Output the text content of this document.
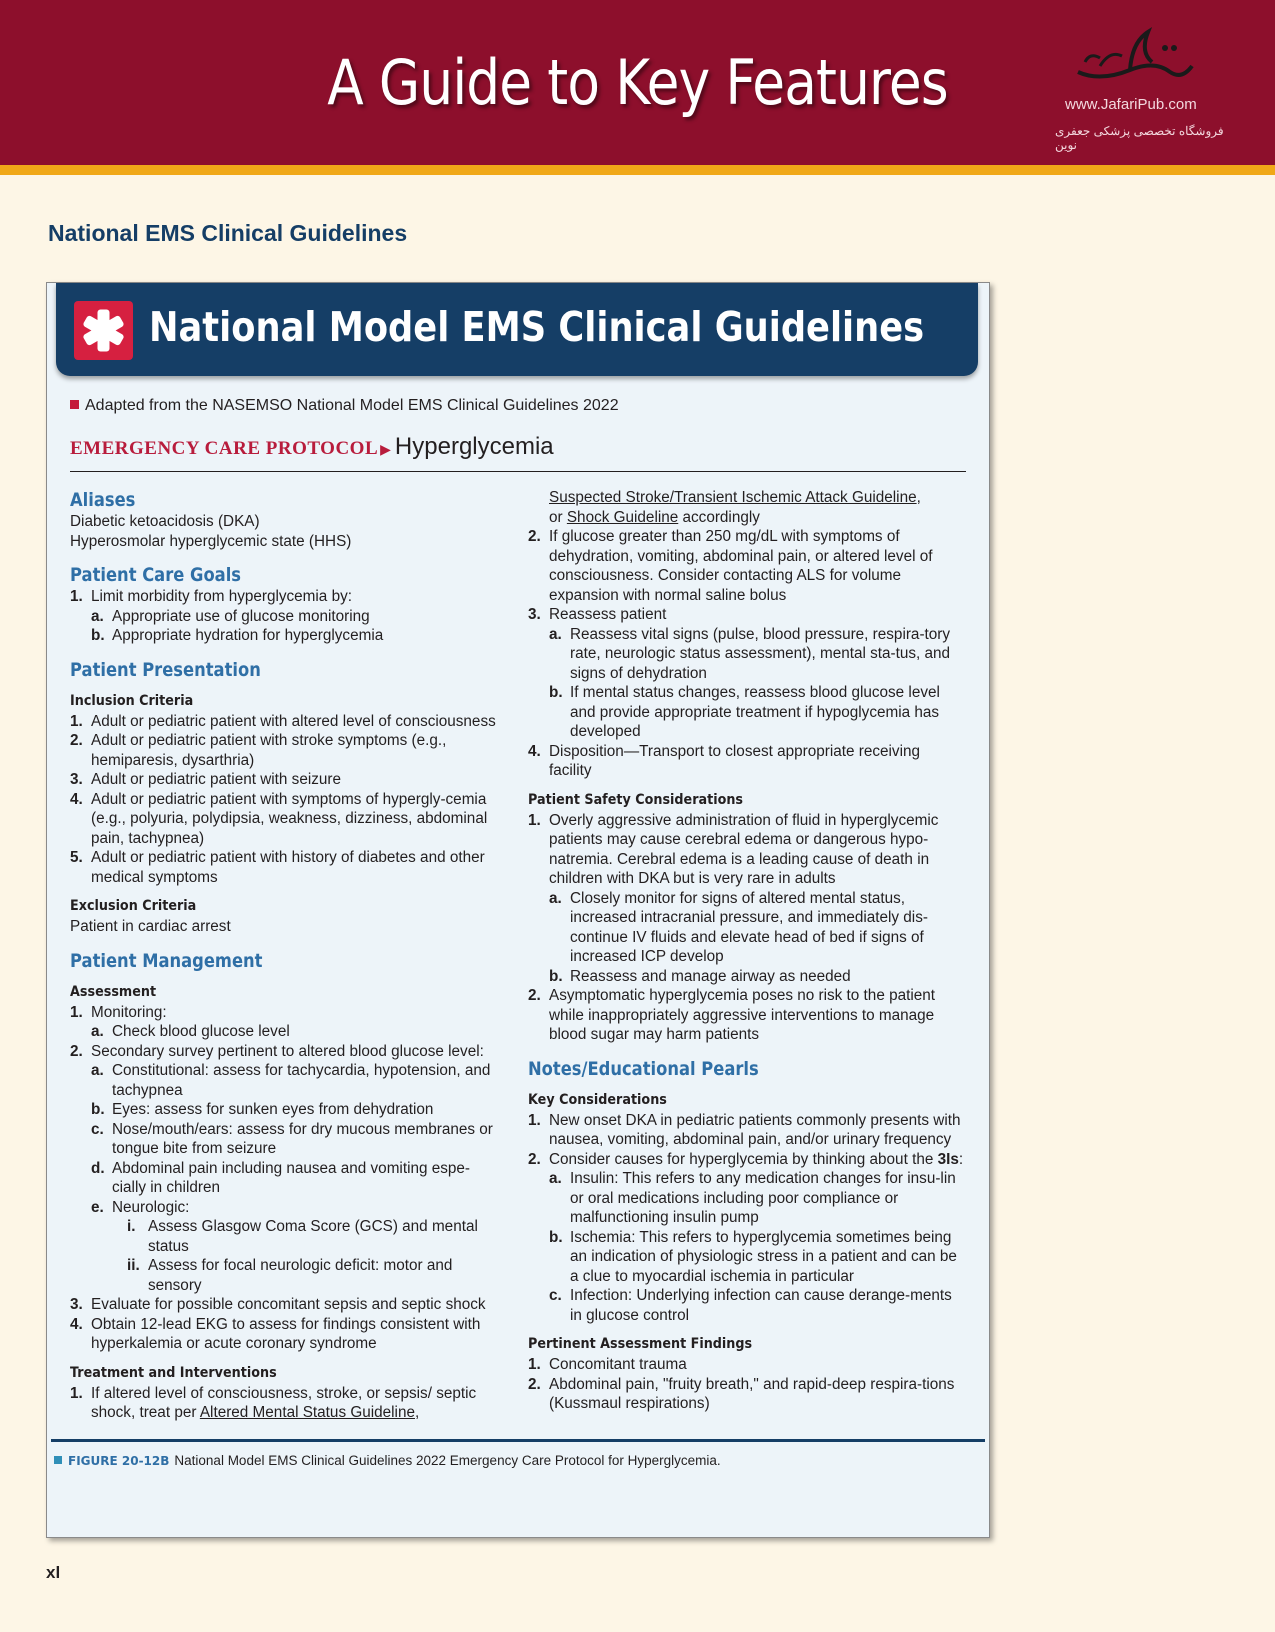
A Guide to Key Features	www.JafariPub.com
فروشگاه تخصصی پزشکی جعفری نوین
National EMS Clinical Guidelines
National Model EMS Clinical Guidelines
Adapted from the NASEMSO National Model EMS Clinical Guidelines 2022
EMERGENCY CARE PROTOCOL ▶ Hyperglycemia
Aliases

Diabetic ketoacidosis (DKA)

Hyperosmolar hyperglycemic state (HHS)

Patient Care Goals

1. Limit morbidity from hyperglycemia by:

a. Appropriate use of glucose monitoring

b. Appropriate hydration for hyperglycemia

Patient Presentation
Inclusion Criteria

1. Adult or pediatric patient with altered level of consciousness

2. Adult or pediatric patient with stroke symptoms (e.g., hemiparesis, dysarthria)

3. Adult or pediatric patient with seizure

4. Adult or pediatric patient with symptoms of hypergly-cemia (e.g., polyuria, polydipsia, weakness, dizziness, abdominal pain, tachypnea)

5. Adult or pediatric patient with history of diabetes and other medical symptoms

Exclusion Criteria

Patient in cardiac arrest

Patient Management
Assessment

1. Monitoring:

a. Check blood glucose level

2. Secondary survey pertinent to altered blood glucose level:

a. Constitutional: assess for tachycardia, hypotension, and tachypnea

b. Eyes: assess for sunken eyes from dehydration

c. Nose/mouth/ears: assess for dry mucous membranes or tongue bite from seizure

d. Abdominal pain including nausea and vomiting espe-cially in children

e. Neurologic:

i. Assess Glasgow Coma Score (GCS) and mental status

ii. Assess for focal neurologic deficit: motor and sensory

3. Evaluate for possible concomitant sepsis and septic shock

4. Obtain 12-lead EKG to assess for findings consistent with hyperkalemia or acute coronary syndrome

Treatment and Interventions

1. If altered level of consciousness, stroke, or sepsis/ septic shock, treat per Altered Mental Status Guideline,

Suspected Stroke/Transient Ischemic Attack Guideline,
or Shock Guideline accordingly

2. If glucose greater than 250 mg/dL with symptoms of dehydration, vomiting, abdominal pain, or altered level of consciousness. Consider contacting ALS for volume expansion with normal saline bolus

3. Reassess patient

a. Reassess vital signs (pulse, blood pressure, respira-tory rate, neurologic status assessment), mental sta-tus, and signs of dehydration

b. If mental status changes, reassess blood glucose level and provide appropriate treatment if hypoglycemia has developed

4. Disposition—Transport to closest appropriate receiving facility

Patient Safety Considerations

1. Overly aggressive administration of fluid in hyperglycemic patients may cause cerebral edema or dangerous hypo-natremia. Cerebral edema is a leading cause of death in children with DKA but is very rare in adults

a. Closely monitor for signs of altered mental status, increased intracranial pressure, and immediately dis-continue IV fluids and elevate head of bed if signs of increased ICP develop

b. Reassess and manage airway as needed

2. Asymptomatic hyperglycemia poses no risk to the patient while inappropriately aggressive interventions to manage blood sugar may harm patients

Notes/Educational Pearls
Key Considerations

1. New onset DKA in pediatric patients commonly presents with nausea, vomiting, abdominal pain, and/or urinary frequency

2. Consider causes for hyperglycemia by thinking about the 3Is:

a. Insulin: This refers to any medication changes for insu-lin or oral medications including poor compliance or malfunctioning insulin pump

b. Ischemia: This refers to hyperglycemia sometimes being an indication of physiologic stress in a patient and can be a clue to myocardial ischemia in particular

c. Infection: Underlying infection can cause derange-ments in glucose control

Pertinent Assessment Findings

1. Concomitant trauma

2. Abdominal pain, "fruity breath," and rapid-deep respira-tions (Kussmaul respirations)

FIGURE 20-12B National Model EMS Clinical Guidelines 2022 Emergency Care Protocol for Hyperglycemia.
xl
